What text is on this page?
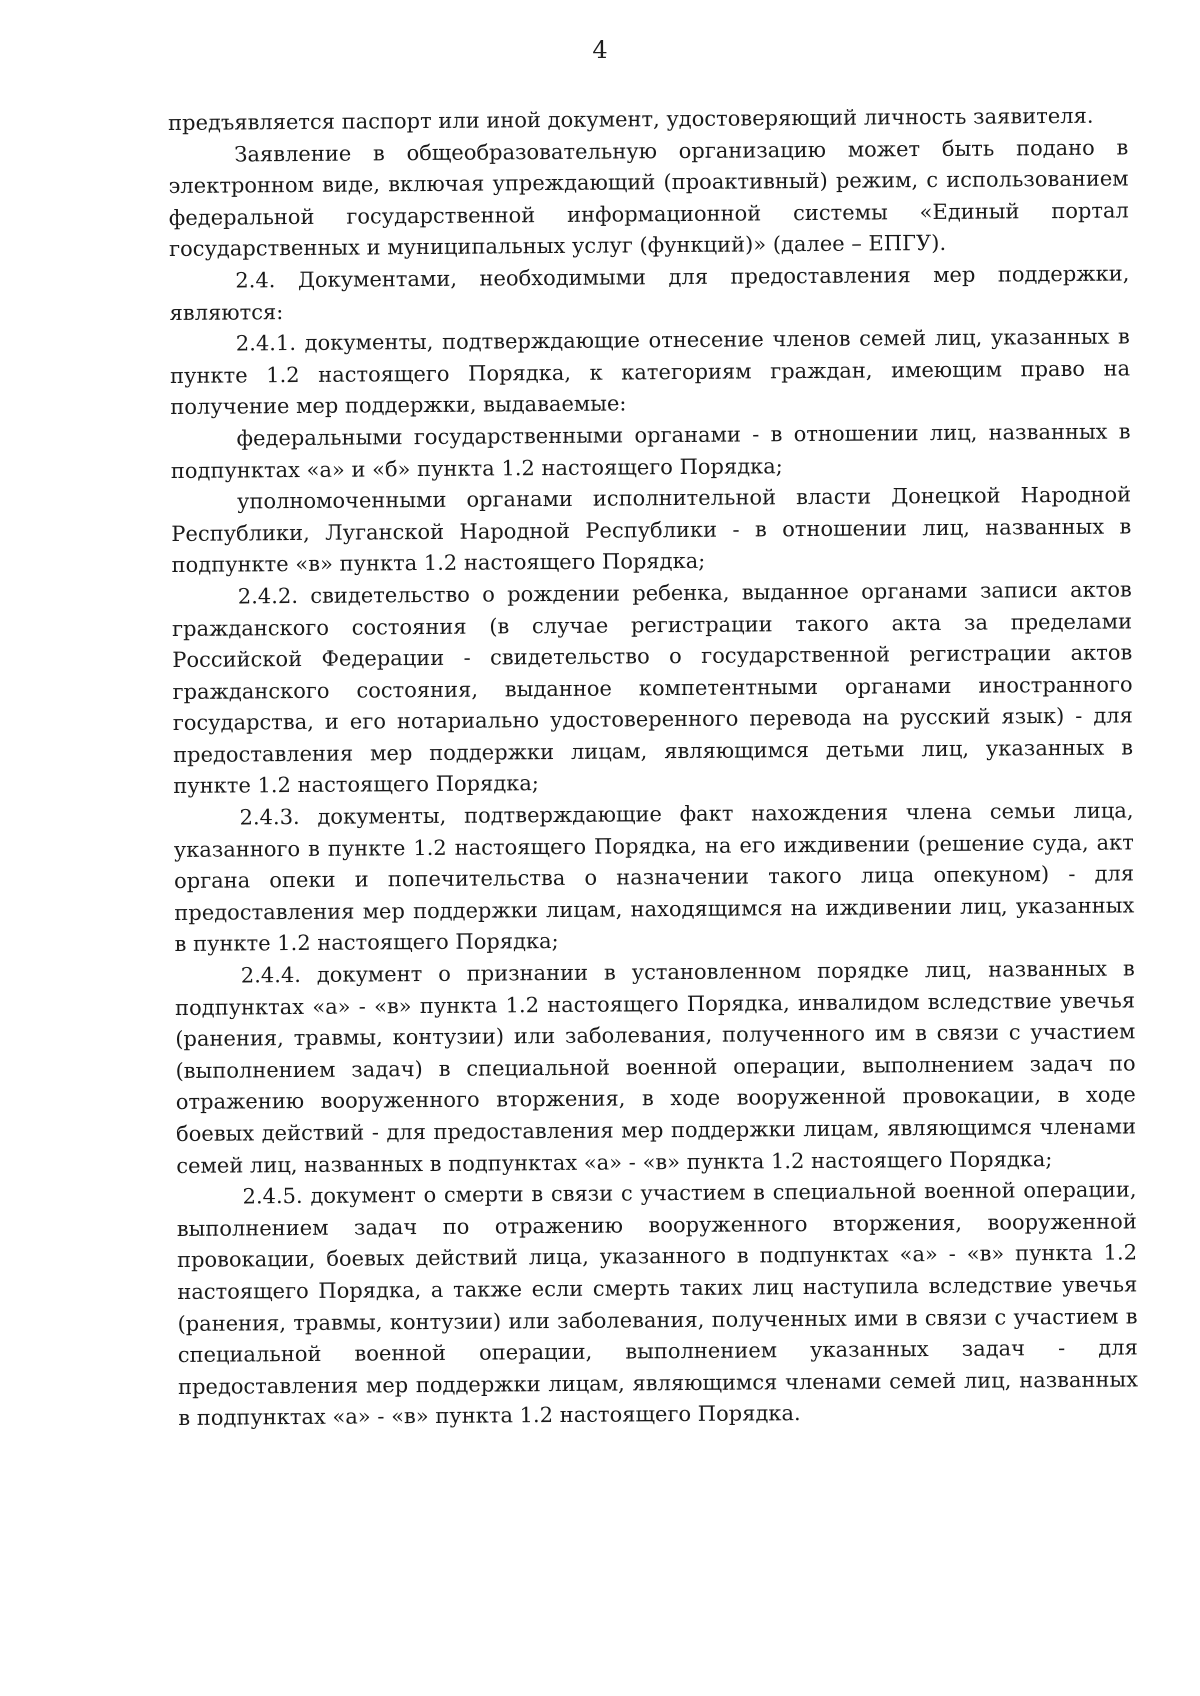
4

предъявляется паспорт или иной документ, удостоверяющий личность заявителя.

Заявление в общеобразовательную организацию может быть подано в электронном виде, включая упреждающий (проактивный) режим, с использованием федеральной государственной информационной системы «Единый портал государственных и муниципальных услуг (функций)» (далее – ЕПГУ).

2.4. Документами, необходимыми для предоставления мер поддержки, являются:

2.4.1. документы, подтверждающие отнесение членов семей лиц, указанных в пункте 1.2 настоящего Порядка, к категориям граждан, имеющим право на получение мер поддержки, выдаваемые:

федеральными государственными органами - в отношении лиц, названных в подпунктах «а» и «б» пункта 1.2 настоящего Порядка;

уполномоченными органами исполнительной власти Донецкой Народной Республики, Луганской Народной Республики - в отношении лиц, названных в подпункте «в» пункта 1.2 настоящего Порядка;

2.4.2. свидетельство о рождении ребенка, выданное органами записи актов гражданского состояния (в случае регистрации такого акта за пределами Российской Федерации - свидетельство о государственной регистрации актов гражданского состояния, выданное компетентными органами иностранного государства, и его нотариально удостоверенного перевода на русский язык) - для предоставления мер поддержки лицам, являющимся детьми лиц, указанных в пункте 1.2 настоящего Порядка;

2.4.3. документы, подтверждающие факт нахождения члена семьи лица, указанного в пункте 1.2 настоящего Порядка, на его иждивении (решение суда, акт органа опеки и попечительства о назначении такого лица опекуном) - для предоставления мер поддержки лицам, находящимся на иждивении лиц, указанных в пункте 1.2 настоящего Порядка;

2.4.4. документ о признании в установленном порядке лиц, названных в подпунктах «а» - «в» пункта 1.2 настоящего Порядка, инвалидом вследствие увечья (ранения, травмы, контузии) или заболевания, полученного им в связи с участием (выполнением задач) в специальной военной операции, выполнением задач по отражению вооруженного вторжения, в ходе вооруженной провокации, в ходе боевых действий - для предоставления мер поддержки лицам, являющимся членами семей лиц, названных в подпунктах «а» - «в» пункта 1.2 настоящего Порядка;

2.4.5. документ о смерти в связи с участием в специальной военной операции, выполнением задач по отражению вооруженного вторжения, вооруженной провокации, боевых действий лица, указанного в подпунктах «а» - «в» пункта 1.2 настоящего Порядка, а также если смерть таких лиц наступила вследствие увечья (ранения, травмы, контузии) или заболевания, полученных ими в связи с участием в специальной военной операции, выполнением указанных задач - для предоставления мер поддержки лицам, являющимся членами семей лиц, названных в подпунктах «а» - «в» пункта 1.2 настоящего Порядка.
